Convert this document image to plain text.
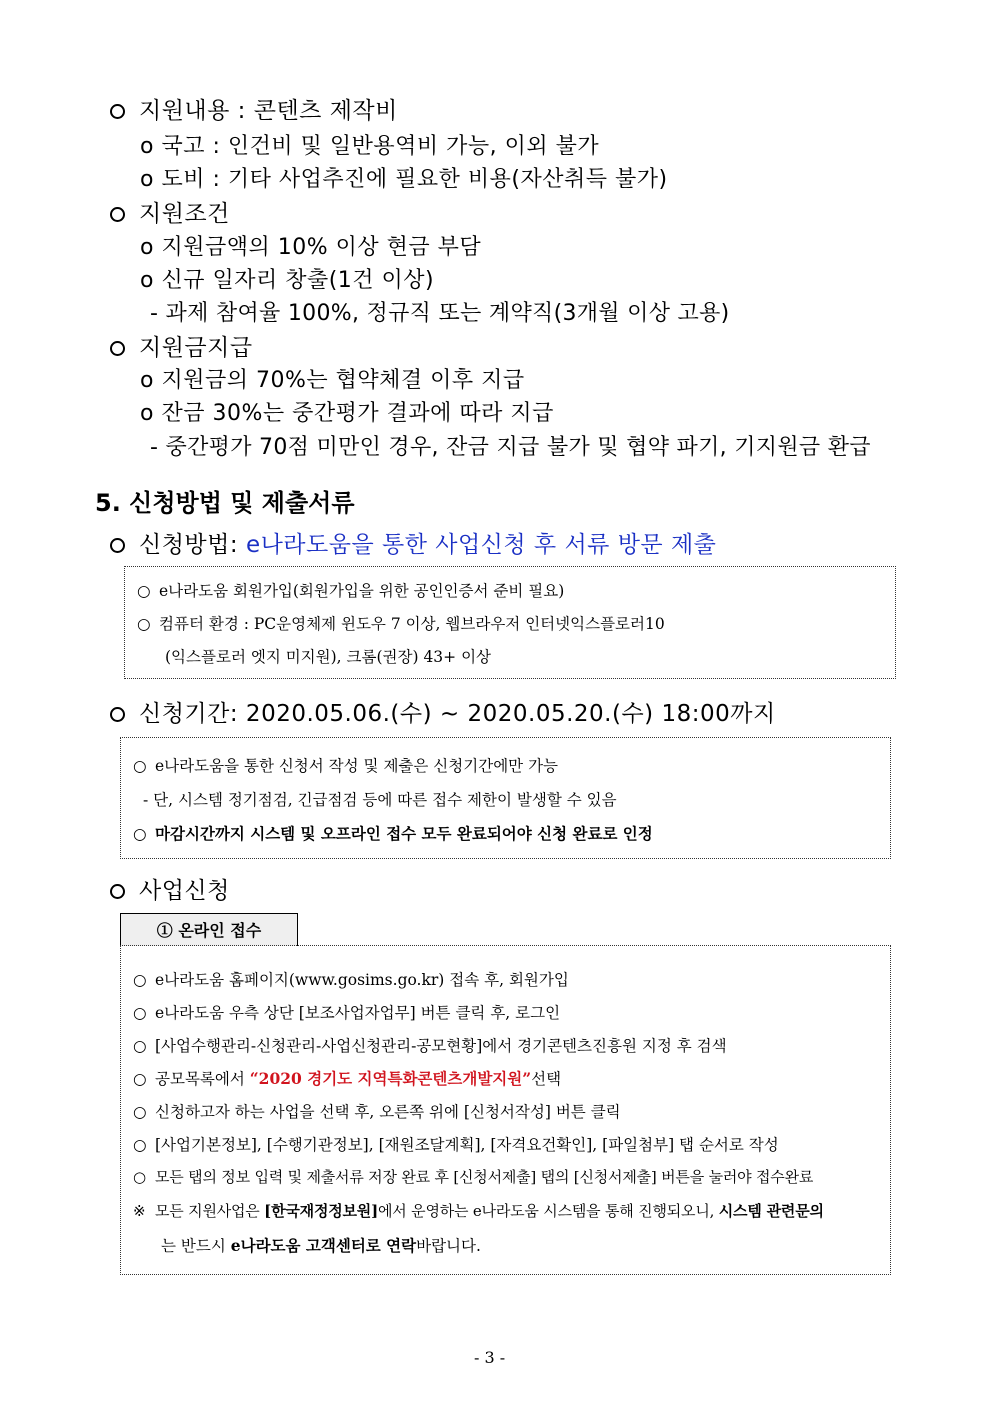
지원내용 : 콘텐츠 제작비
o 국고 : 인건비 및 일반용역비 가능, 이외 불가
o 도비 : 기타 사업추진에 필요한 비용(자산취득 불가)
지원조건
o 지원금액의 10% 이상 현금 부담
o 신규 일자리 창출(1건 이상)
- 과제 참여율 100%, 정규직 또는 계약직(3개월 이상 고용)
지원금지급
o 지원금의 70%는 협약체결 이후 지급
o 잔금 30%는 중간평가 결과에 따라 지급
- 중간평가 70점 미만인 경우, 잔금 지급 불가 및 협약 파기, 기지원금 환급
5. 신청방법 및 제출서류
신청방법: e나라도움을 통한 사업신청 후 서류 방문 제출
○ e나라도움 회원가입(회원가입을 위한 공인인증서 준비 필요)
○ 컴퓨터 환경 : PC운영체제 윈도우 7 이상, 웹브라우저 인터넷익스플로러10
(익스플로러 엣지 미지원), 크롬(권장) 43+ 이상
신청기간: 2020.05.06.(수) ~ 2020.05.20.(수) 18:00까지
○ e나라도움을 통한 신청서 작성 및 제출은 신청기간에만 가능
- 단, 시스템 정기점검, 긴급점검 등에 따른 접수 제한이 발생할 수 있음
○ 마감시간까지 시스템 및 오프라인 접수 모두 완료되어야 신청 완료로 인정
사업신청
① 온라인 접수
○ e나라도움 홈페이지(www.gosims.go.kr) 접속 후, 회원가입
○ e나라도움 우측 상단 [보조사업자업무] 버튼 클릭 후, 로그인
○ [사업수행관리-신청관리-사업신청관리-공모현황]에서 경기콘텐츠진흥원 지정 후 검색
○ 공모목록에서 “2020 경기도 지역특화콘텐츠개발지원”선택
○ 신청하고자 하는 사업을 선택 후, 오른쪽 위에 [신청서작성] 버튼 클릭
○ [사업기본정보], [수행기관정보], [재원조달계획], [자격요건확인], [파일첨부] 탭 순서로 작성
○ 모든 탭의 정보 입력 및 제출서류 저장 완료 후 [신청서제출] 탭의 [신청서제출] 버튼을 눌러야 접수완료
※ 모든 지원사업은 [한국재정정보원]에서 운영하는 e나라도움 시스템을 통해 진행되오니, 시스템 관련문의
는 반드시 e나라도움 고객센터로 연락바랍니다.
- 3 -
